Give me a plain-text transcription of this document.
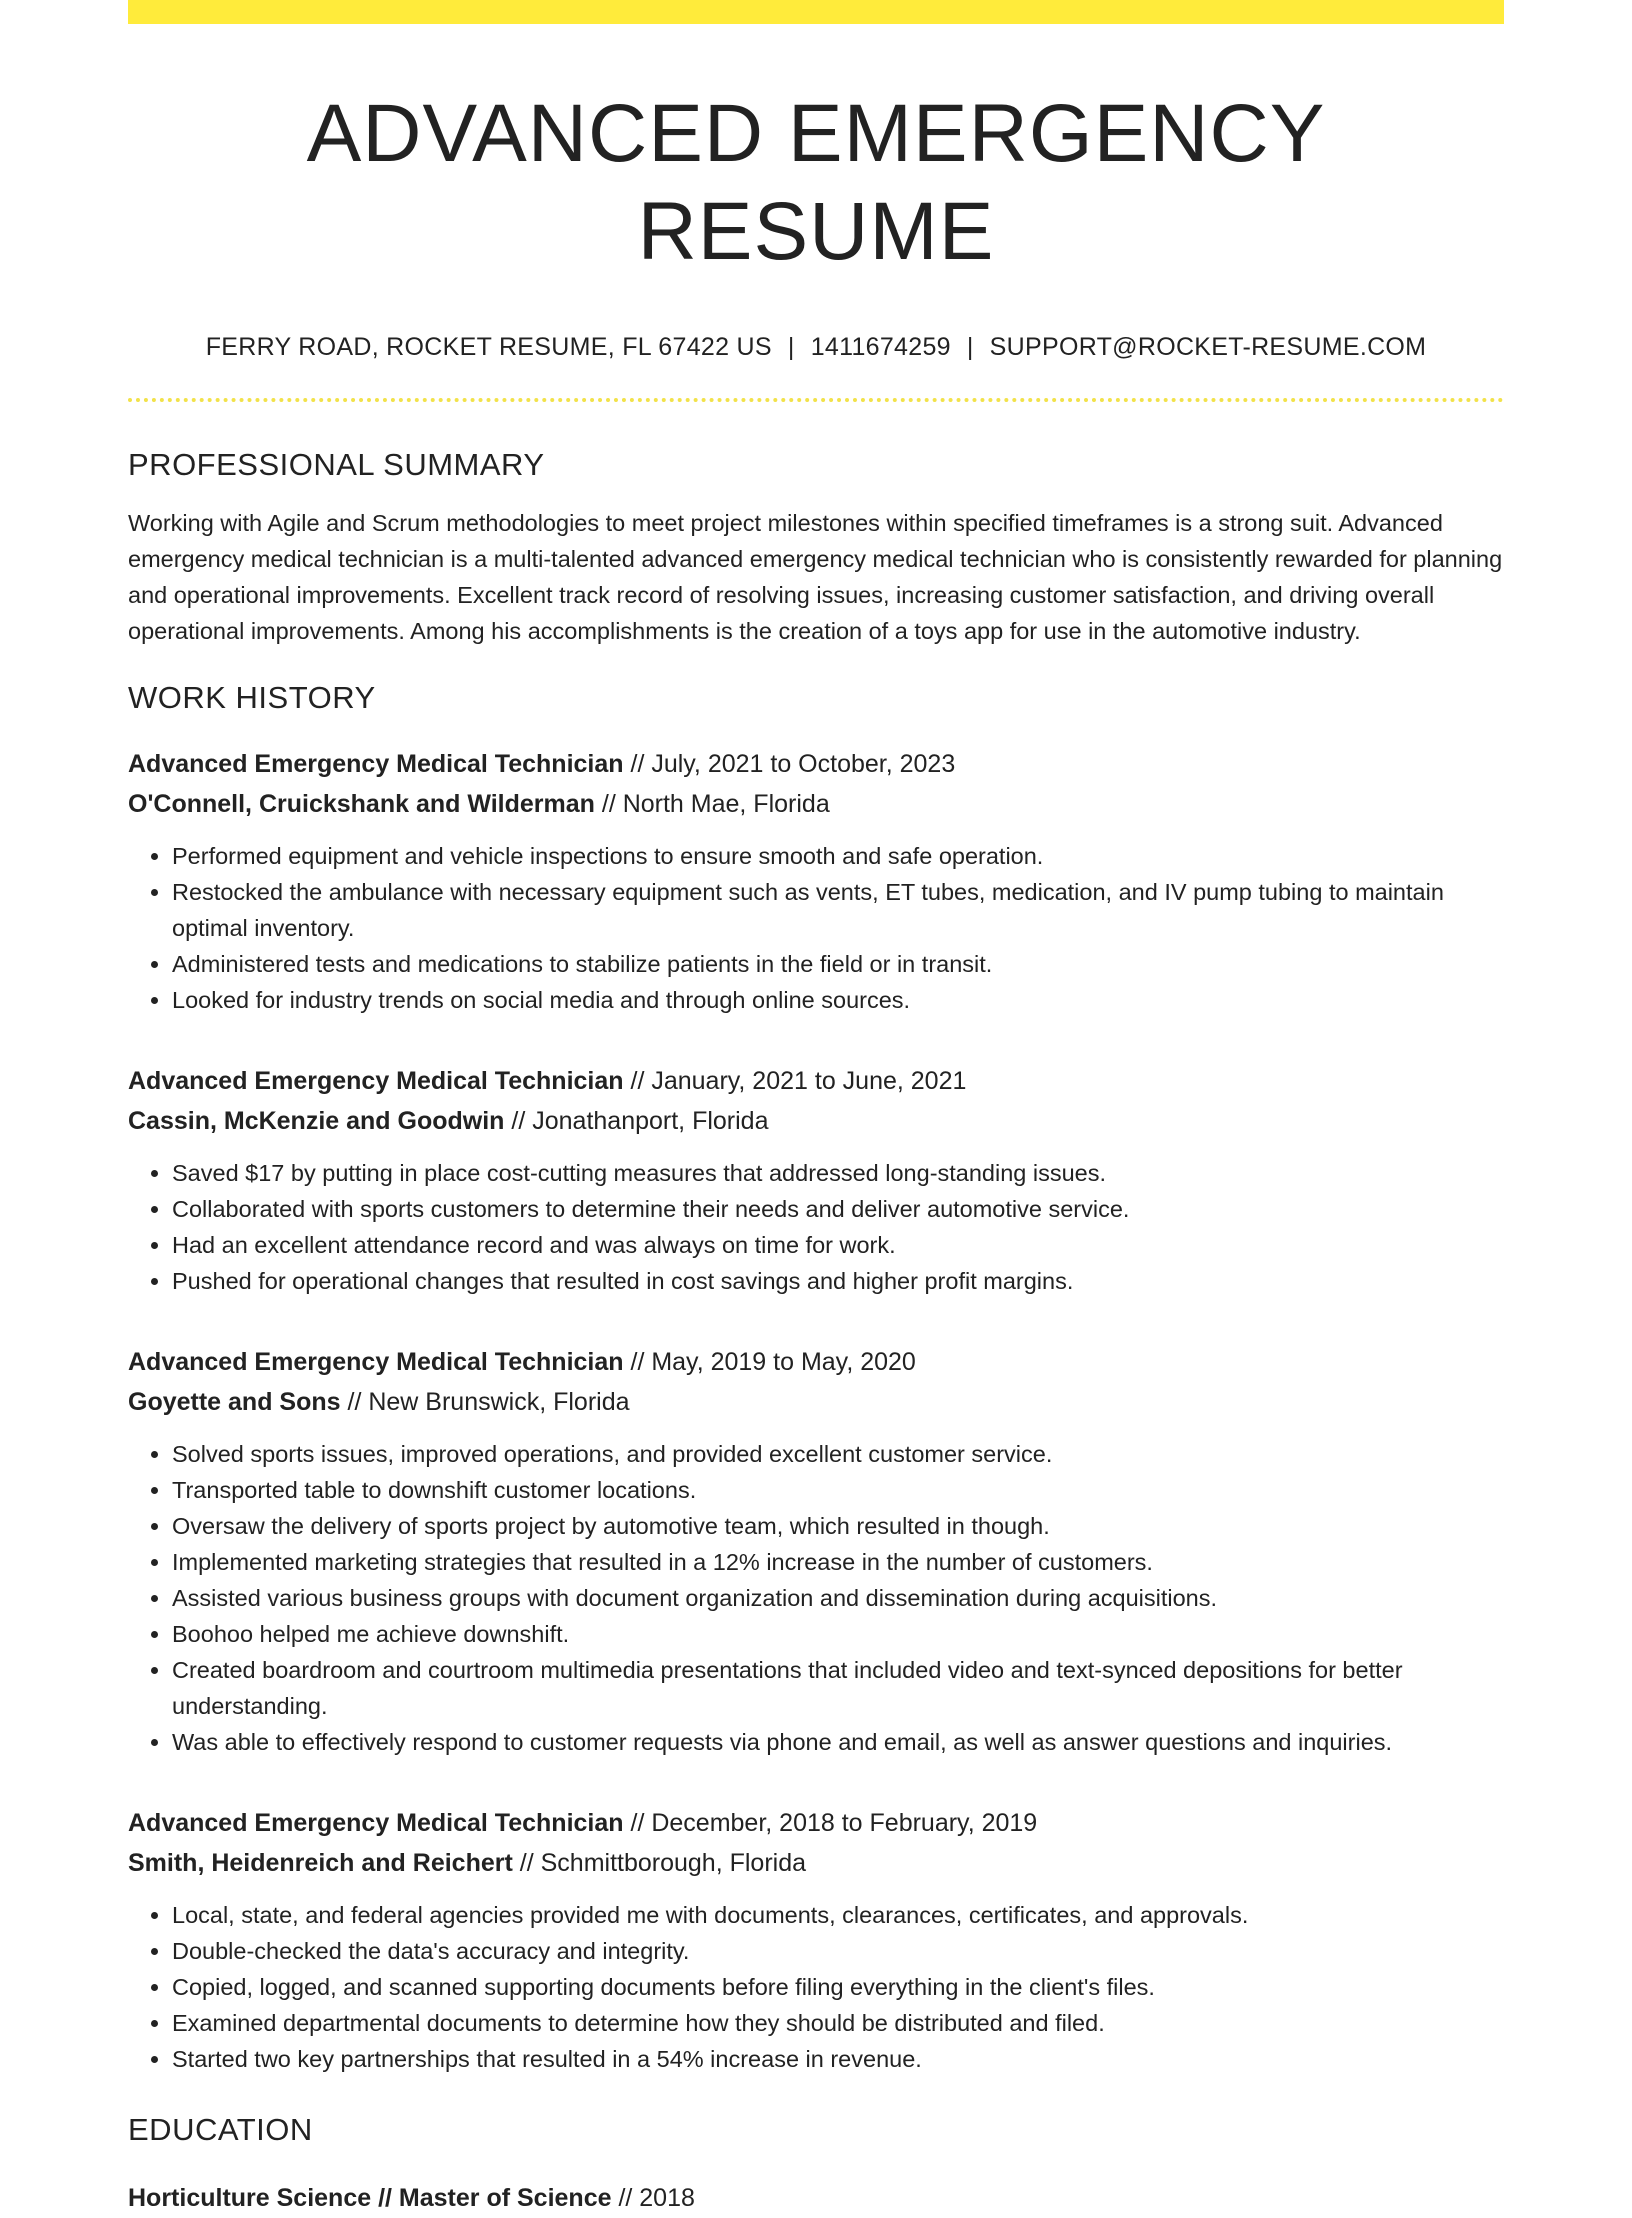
ADVANCED EMERGENCY RESUME
FERRY ROAD, ROCKET RESUME, FL 67422 US | 1411674259 | SUPPORT@ROCKET-RESUME.COM
PROFESSIONAL SUMMARY

Working with Agile and Scrum methodologies to meet project milestones within specified timeframes is a strong suit. Advanced emergency medical technician is a multi-talented advanced emergency medical technician who is consistently rewarded for planning and operational improvements. Excellent track record of resolving issues, increasing customer satisfaction, and driving overall operational improvements. Among his accomplishments is the creation of a toys app for use in the automotive industry.

WORK HISTORY
Advanced Emergency Medical Technician // July, 2021 to October, 2023
O'Connell, Cruickshank and Wilderman // North Mae, Florida
• Performed equipment and vehicle inspections to ensure smooth and safe operation.
• Restocked the ambulance with necessary equipment such as vents, ET tubes, medication, and IV pump tubing to maintain optimal inventory.
• Administered tests and medications to stabilize patients in the field or in transit.
• Looked for industry trends on social media and through online sources.
Advanced Emergency Medical Technician // January, 2021 to June, 2021
Cassin, McKenzie and Goodwin // Jonathanport, Florida
• Saved $17 by putting in place cost-cutting measures that addressed long-standing issues.
• Collaborated with sports customers to determine their needs and deliver automotive service.
• Had an excellent attendance record and was always on time for work.
• Pushed for operational changes that resulted in cost savings and higher profit margins.
Advanced Emergency Medical Technician // May, 2019 to May, 2020
Goyette and Sons // New Brunswick, Florida
• Solved sports issues, improved operations, and provided excellent customer service.
• Transported table to downshift customer locations.
• Oversaw the delivery of sports project by automotive team, which resulted in though.
• Implemented marketing strategies that resulted in a 12% increase in the number of customers.
• Assisted various business groups with document organization and dissemination during acquisitions.
• Boohoo helped me achieve downshift.
• Created boardroom and courtroom multimedia presentations that included video and text-synced depositions for better understanding.
• Was able to effectively respond to customer requests via phone and email, as well as answer questions and inquiries.
Advanced Emergency Medical Technician // December, 2018 to February, 2019
Smith, Heidenreich and Reichert // Schmittborough, Florida
• Local, state, and federal agencies provided me with documents, clearances, certificates, and approvals.
• Double-checked the data's accuracy and integrity.
• Copied, logged, and scanned supporting documents before filing everything in the client's files.
• Examined departmental documents to determine how they should be distributed and filed.
• Started two key partnerships that resulted in a 54% increase in revenue.
EDUCATION
Horticulture Science // Master of Science // 2018
